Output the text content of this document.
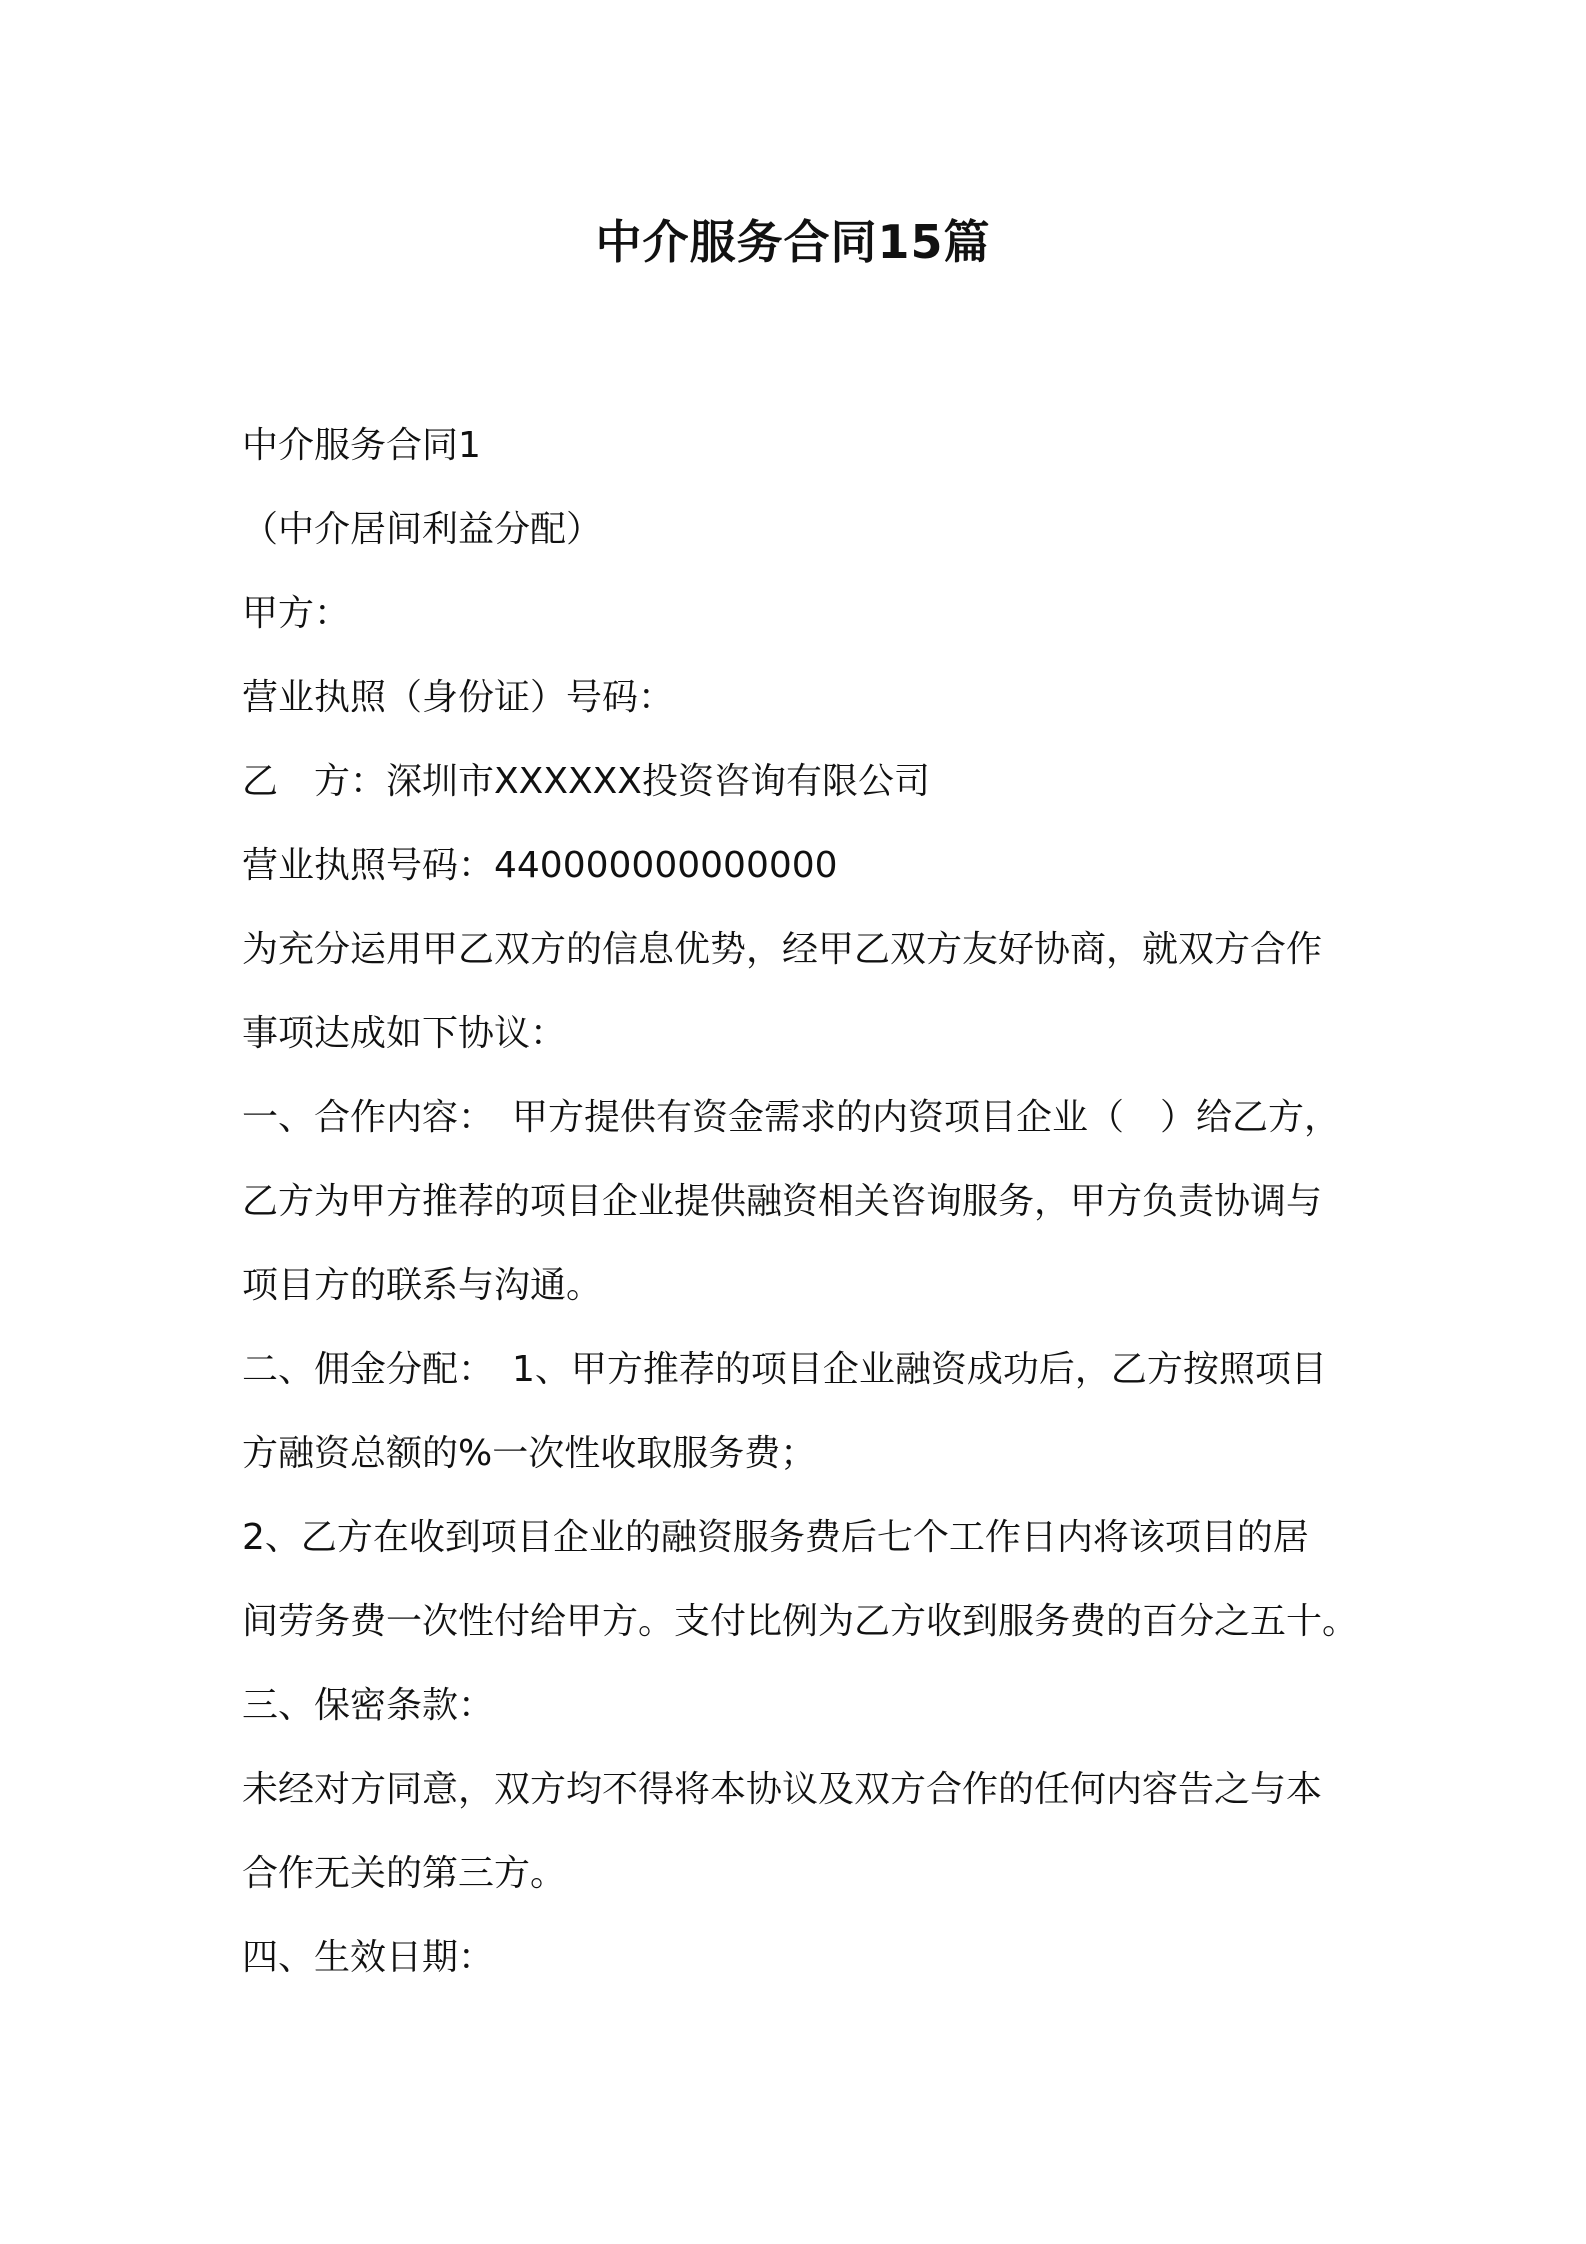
中介服务合同15篇
中介服务合同1
（中介居间利益分配）
甲方：
营业执照（身份证）号码：
乙　方：深圳市XXXXXX投资咨询有限公司
营业执照号码：440000000000000
为充分运用甲乙双方的信息优势，经甲乙双方友好协商，就双方合作
事项达成如下协议：
一、合作内容：　甲方提供有资金需求的内资项目企业（　）给乙方，
乙方为甲方推荐的项目企业提供融资相关咨询服务，甲方负责协调与
项目方的联系与沟通。
二、佣金分配：　1、甲方推荐的项目企业融资成功后，乙方按照项目
方融资总额的%一次性收取服务费；
2、乙方在收到项目企业的融资服务费后七个工作日内将该项目的居
间劳务费一次性付给甲方。支付比例为乙方收到服务费的百分之五十。
三、保密条款：
未经对方同意，双方均不得将本协议及双方合作的任何内容告之与本
合作无关的第三方。
四、生效日期：
